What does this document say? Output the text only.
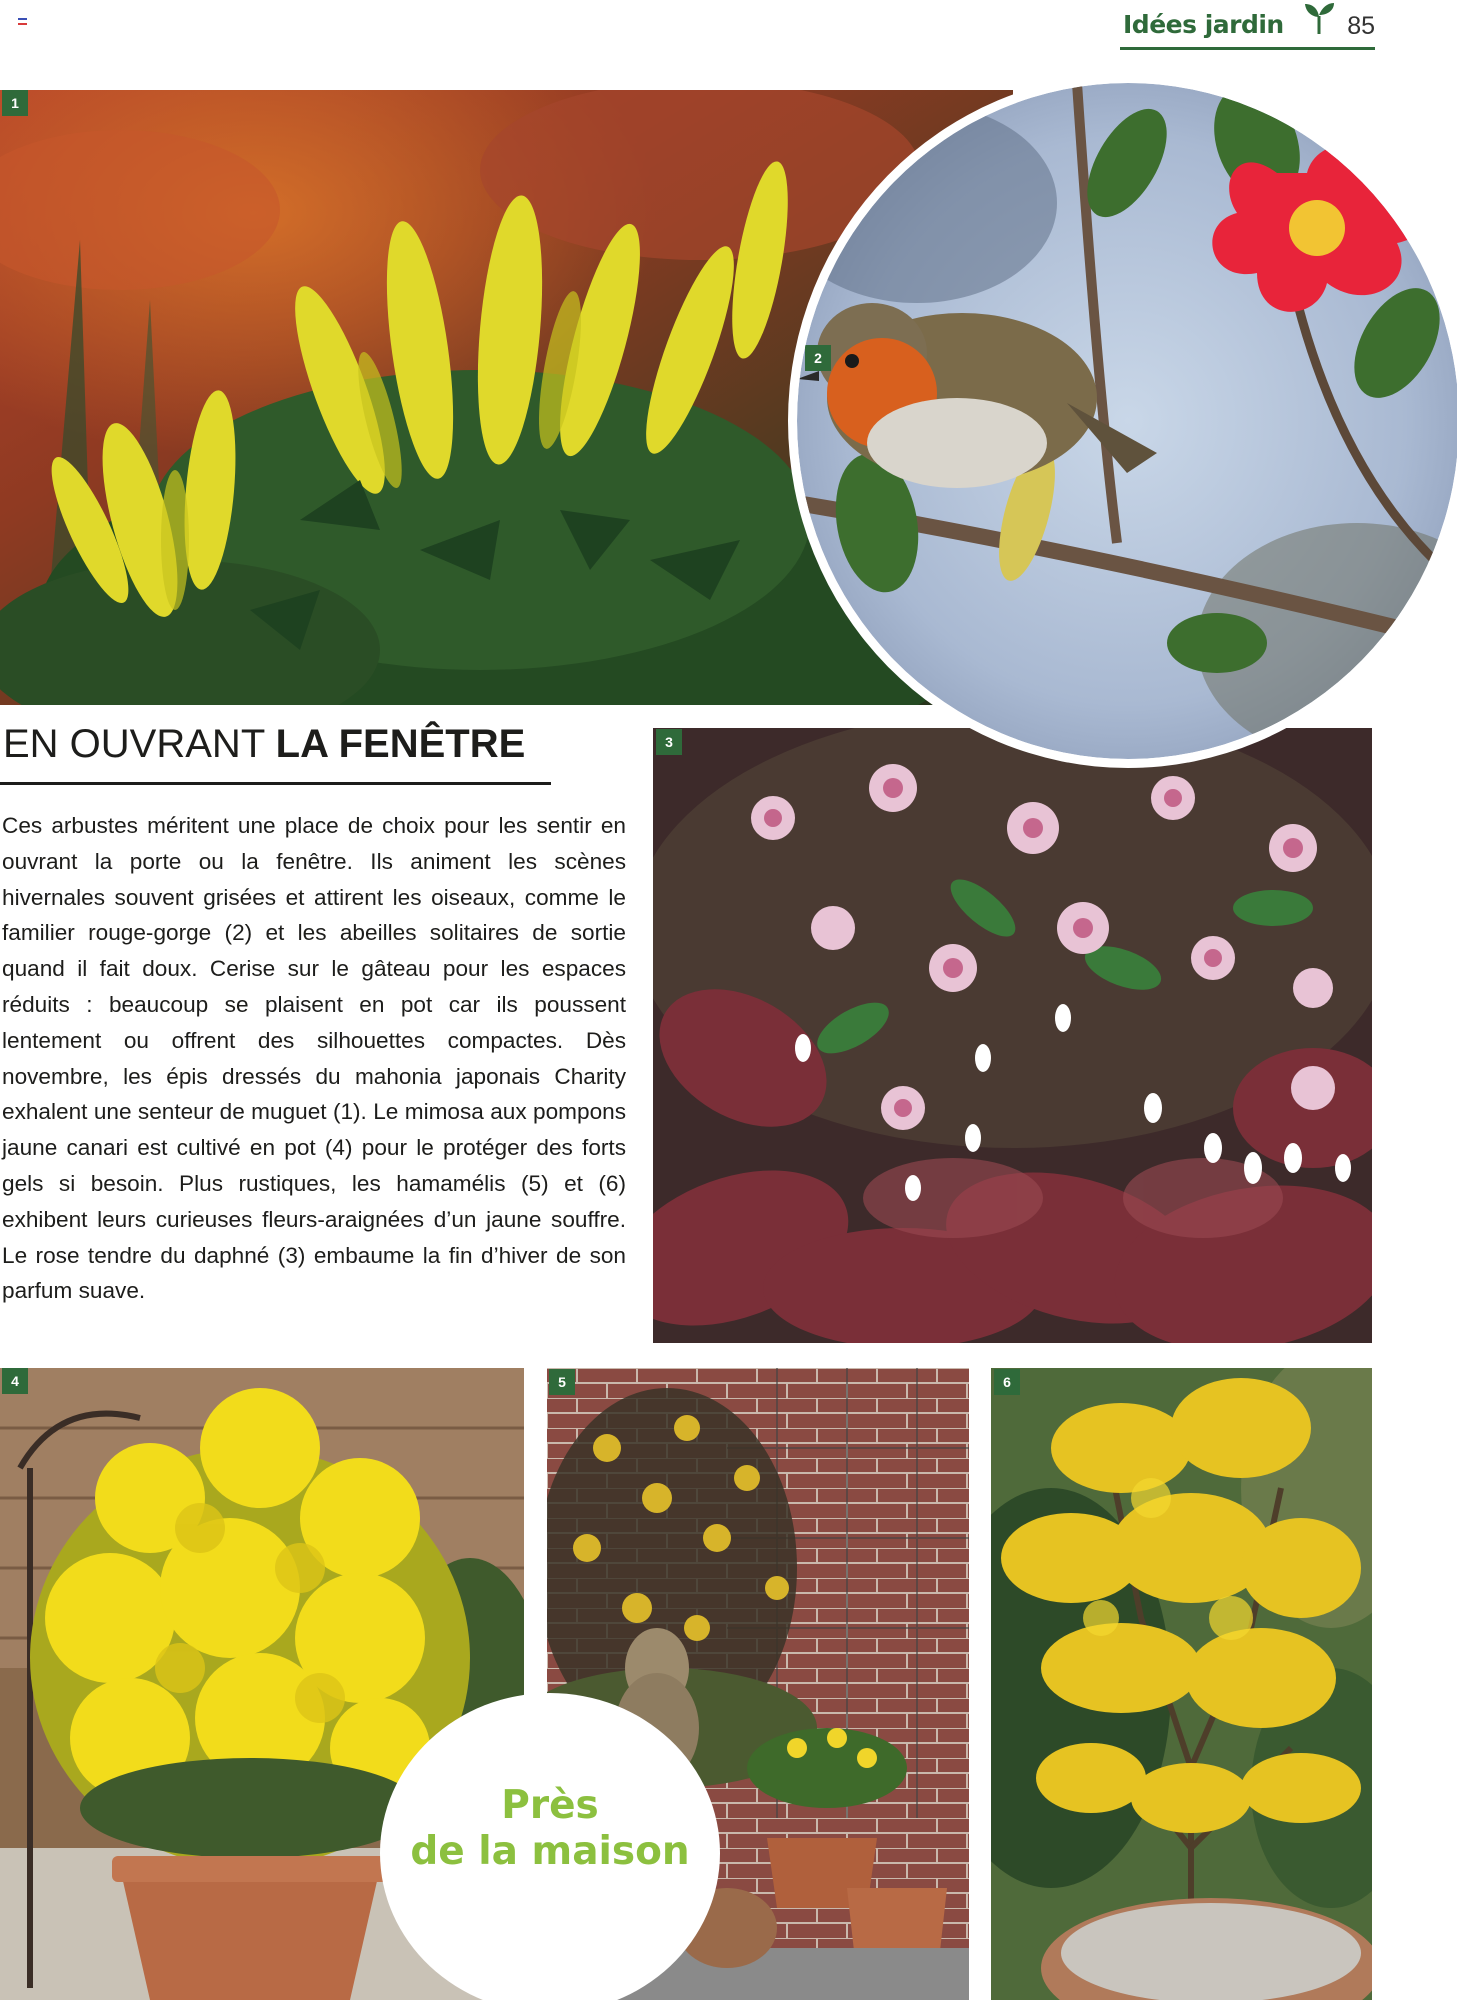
Idées jardin	85
1
3
2
EN OUVRANT LA FENÊTRE

Ces arbustes méritent une place de choix pour les sentir en ouvrant la porte ou la fenêtre. Ils animent les scènes hivernales souvent grisées et attirent les oiseaux, comme le familier rouge-gorge (2) et les abeilles solitaires de sortie quand il fait doux. Cerise sur le gâteau pour les espaces réduits : beaucoup se plaisent en pot car ils poussent lentement ou offrent des silhouettes compactes. Dès novembre, les épis dressés du mahonia japonais Charity exhalent une senteur de muguet (1). Le mimosa aux pompons jaune canari est cultivé en pot (4) pour le protéger des forts gels si besoin. Plus rustiques, les hamamélis (5) et (6) exhibent leurs curieuses fleurs-araignées d’un jaune souffre. Le rose tendre du daphné (3) embaume la fin d’hiver de son parfum suave.

4	5	6
Près
de la maison
